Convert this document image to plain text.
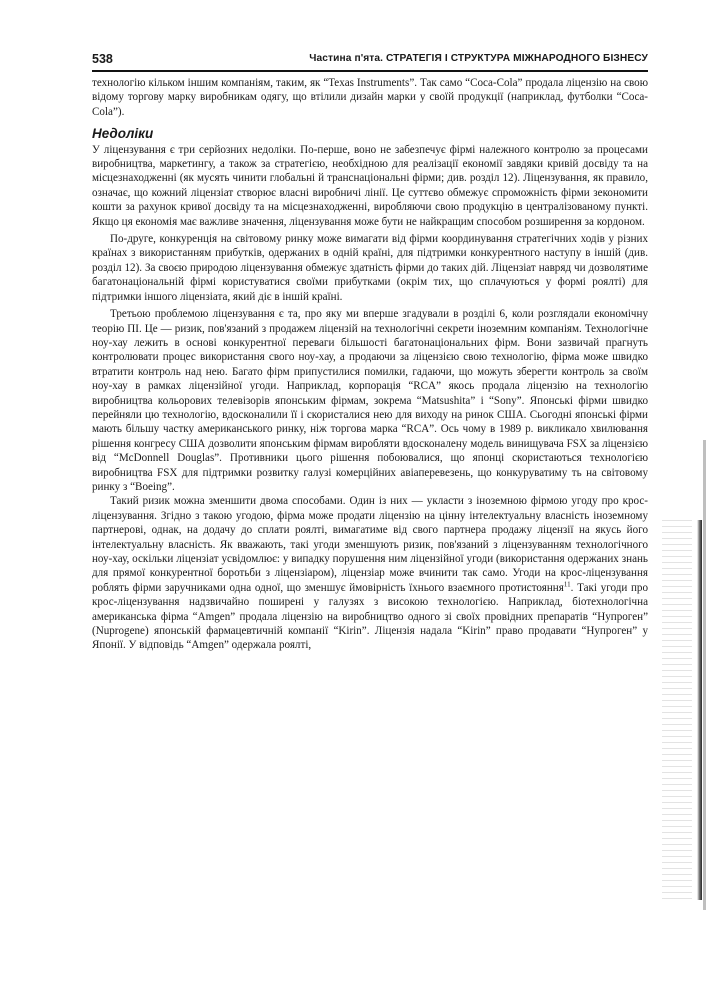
538	Частина п'ята. СТРАТЕГІЯ І СТРУКТУРА МІЖНАРОДНОГО БІЗНЕСУ

технологію кільком іншим компаніям, таким, як “Texas Instruments”. Так само “Coca-Cola” продала ліцензію на свою відому торгову марку виробникам одягу, що втілили дизайн марки у своїй продукції (наприклад, футболки “Coca-Cola”).

Недоліки

У ліцензування є три серйозних недоліки. По-перше, воно не забезпечує фірмі належного контролю за процесами виробництва, маркетингу, а також за стратегією, необхідною для реалізації економії завдяки кривій досвіду та на місцезнаходженні (як мусять чинити глобальні й транснаціональні фірми; див. розділ 12). Ліцензування, як правило, означає, що кожний ліцензіат створює власні виробничі лінії. Це суттєво обмежує спроможність фірми зекономити кошти за рахунок кривої досвіду та на місцезнаходженні, виробляючи свою продукцію в централізованому пункті. Якщо ця економія має важливе значення, ліцензування може бути не найкращим способом розширення за кордоном.

По-друге, конкуренція на світовому ринку може вимагати від фірми координування стратегічних ходів у різних країнах з використанням прибутків, одержаних в одній країні, для підтримки конкурентного наступу в іншій (див. розділ 12). За своєю природою ліцензування обмежує здатність фірми до таких дій. Ліцензіат навряд чи дозволятиме багатонаціональній фірмі користуватися своїми прибутками (окрім тих, що сплачуються у формі роялті) для підтримки іншого ліцензіата, який діє в іншій країні.

Третьою проблемою ліцензування є та, про яку ми вперше згадували в розділі 6, коли розглядали економічну теорію ПІ. Це — ризик, пов'язаний з продажем ліцензій на технологічні секрети іноземним компаніям. Технологічне ноу-хау лежить в основі конкурентної переваги більшості багатонаціональних фірм. Вони зазвичай прагнуть контролювати процес використання свого ноу-хау, а продаючи за ліцензією свою технологію, фірма може швидко втратити контроль над нею. Багато фірм припустилися помилки, гадаючи, що можуть зберегти контроль за своїм ноу-хау в рамках ліцензійної угоди. Наприклад, корпорація “RCA” якось продала ліцензію на технологію виробництва кольорових телевізорів японським фірмам, зокрема “Matsushita” і “Sony”. Японські фірми швидко перейняли цю технологію, вдосконалили її і скористалися нею для виходу на ринок США. Сьогодні японські фірми мають більшу частку американського ринку, ніж торгова марка “RCA”. Ось чому в 1989 р. викликало хвилювання рішення конгресу США дозволити японським фірмам виробляти вдосконалену модель винищувача FSX за ліцензією від “McDonnell Douglas”. Противники цього рішення побоювалися, що японці скористаються технологією виробництва FSX для підтримки розвитку галузі комерційних авіаперевезень, що конкуруватиму ть на світовому ринку з “Boeing”.

Такий ризик можна зменшити двома способами. Один із них — укласти з іноземною фірмою угоду про крос-ліцензування. Згідно з такою угодою, фірма може продати ліцензію на цінну інтелектуальну власність іноземному партнерові, однак, на додачу до сплати роялті, вимагатиме від свого партнера продажу ліцензії на якусь його інтелектуальну власність. Як вважають, такі угоди зменшують ризик, пов'язаний з ліцензуванням технологічного ноу-хау, оскільки ліцензіат усвідомлює: у випадку порушення ним ліцензійної угоди (використання одержаних знань для прямої конкурентної боротьби з ліцензіаром), ліцензіар може вчинити так само. Угоди на крос-ліцензування роблять фірми заручниками одна одної, що зменшує ймовірність їхнього взаємного протистояння$^{11}$. Такі угоди про крос-ліцензування надзвичайно поширені у галузях з високою технологією. Наприклад, біотехнологічна американська фірма “Amgen” продала ліцензію на виробництво одного зі своїх провідних препаратів “Нупроген” (Nuprogene) японській фармацевтичній компанії “Kirin”. Ліцензія надала “Kirin” право продавати “Нупроген” у Японії. У відповідь “Amgen” одержала роялті,
